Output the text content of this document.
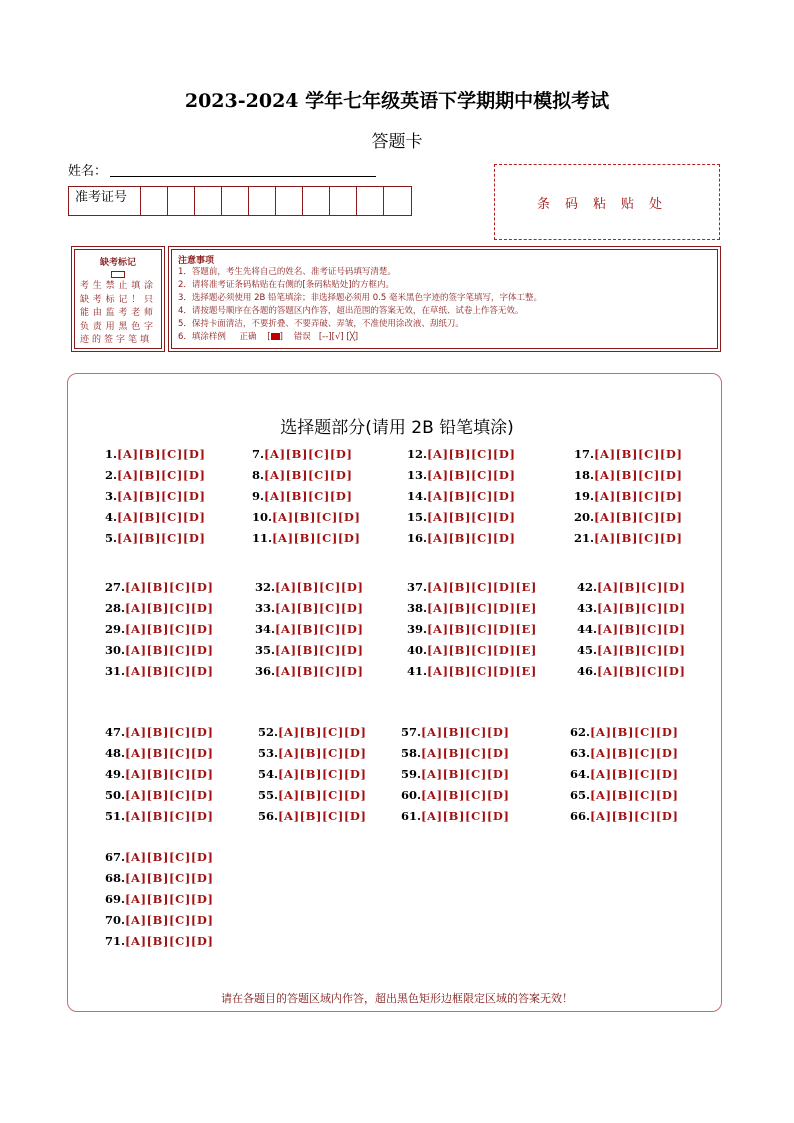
2023-2024 学年七年级英语下学期期中模拟考试
答题卡
姓名：
准考证号	条码粘贴处
缺考标记
考生禁止填涂缺考标记！只能由监考老师负责用黑色字迹的签字笔填
注意事项
1．答题前，考生先将自己的姓名、准考证号码填写清楚。
2．请将准考证条码粘贴在右侧的[条码粘贴处]的方框内。
3．选择题必须使用 2B 铅笔填涂；非选择题必须用 0.5 毫米黑色字迹的签字笔填写，字体工整。
4．请按题号顺序在各题的答题区内作答，超出范围的答案无效，在草纸、试卷上作答无效。
5．保持卡面清洁，不要折叠、不要弄破、弄皱，不准使用涂改液、刮纸刀。
6．填涂样例 正确 [ ] 错误 [--][√] [╳]
选择题部分(请用 2B 铅笔填涂)
1.[A][B][C][D]
2.[A][B][C][D]
3.[A][B][C][D]
4.[A][B][C][D]
5.[A][B][C][D]
7.[A][B][C][D]
8.[A][B][C][D]
9.[A][B][C][D]
10.[A][B][C][D]
11.[A][B][C][D]
12.[A][B][C][D]
13.[A][B][C][D]
14.[A][B][C][D]
15.[A][B][C][D]
16.[A][B][C][D]
17.[A][B][C][D]
18.[A][B][C][D]
19.[A][B][C][D]
20.[A][B][C][D]
21.[A][B][C][D]
27.[A][B][C][D]
28.[A][B][C][D]
29.[A][B][C][D]
30.[A][B][C][D]
31.[A][B][C][D]
32.[A][B][C][D]
33.[A][B][C][D]
34.[A][B][C][D]
35.[A][B][C][D]
36.[A][B][C][D]
37.[A][B][C][D][E]
38.[A][B][C][D][E]
39.[A][B][C][D][E]
40.[A][B][C][D][E]
41.[A][B][C][D][E]
42.[A][B][C][D]
43.[A][B][C][D]
44.[A][B][C][D]
45.[A][B][C][D]
46.[A][B][C][D]
47.[A][B][C][D]
48.[A][B][C][D]
49.[A][B][C][D]
50.[A][B][C][D]
51.[A][B][C][D]
52.[A][B][C][D]
53.[A][B][C][D]
54.[A][B][C][D]
55.[A][B][C][D]
56.[A][B][C][D]
57.[A][B][C][D]
58.[A][B][C][D]
59.[A][B][C][D]
60.[A][B][C][D]
61.[A][B][C][D]
62.[A][B][C][D]
63.[A][B][C][D]
64.[A][B][C][D]
65.[A][B][C][D]
66.[A][B][C][D]
67.[A][B][C][D]
68.[A][B][C][D]
69.[A][B][C][D]
70.[A][B][C][D]
71.[A][B][C][D]
请在各题目的答题区域内作答，超出黑色矩形边框限定区域的答案无效！
